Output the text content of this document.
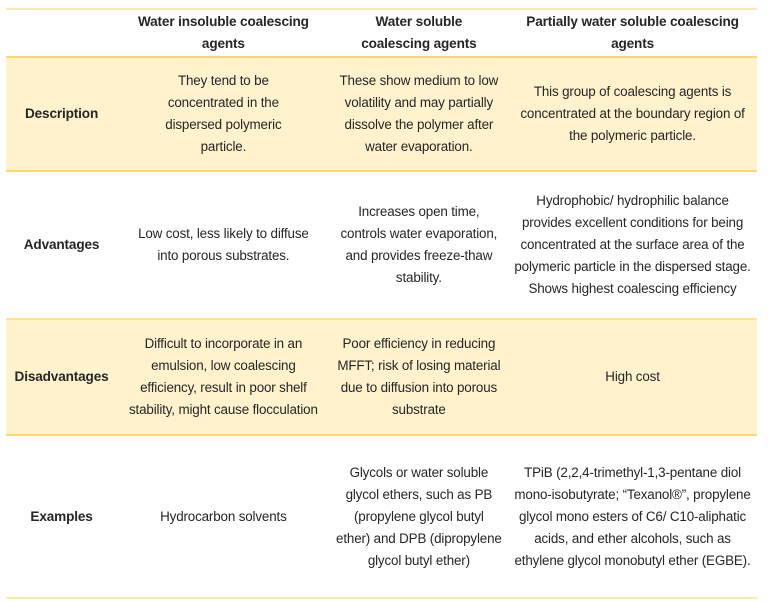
	Water insoluble coalescing agents	Water soluble coalescing agents	Partially water soluble coalescing agents
Description	They tend to be concentrated in the dispersed polymeric particle.	These show medium to low volatility and may partially dissolve the polymer after water evaporation.	This group of coalescing agents is concentrated at the boundary region of the polymeric particle.
Advantages	Low cost, less likely to diffuse into porous substrates.	Increases open time, controls water evaporation, and provides freeze-thaw stability.	Hydrophobic/ hydrophilic balance provides excellent conditions for being concentrated at the surface area of the polymeric particle in the dispersed stage. Shows highest coalescing efficiency
Disadvantages	Difficult to incorporate in an emulsion, low coalescing efficiency, result in poor shelf stability, might cause flocculation	Poor efficiency in reducing MFFT; risk of losing material due to diffusion into porous substrate	High cost
Examples	Hydrocarbon solvents	Glycols or water soluble glycol ethers, such as PB (propylene glycol butyl ether) and DPB (dipropylene glycol butyl ether)	TPiB (2,2,4-trimethyl-1,3-pentane diol mono-isobutyrate; “Texanol®”, propylene glycol mono esters of C6/ C10-aliphatic acids, and ether alcohols, such as ethylene glycol monobutyl ether (EGBE).
